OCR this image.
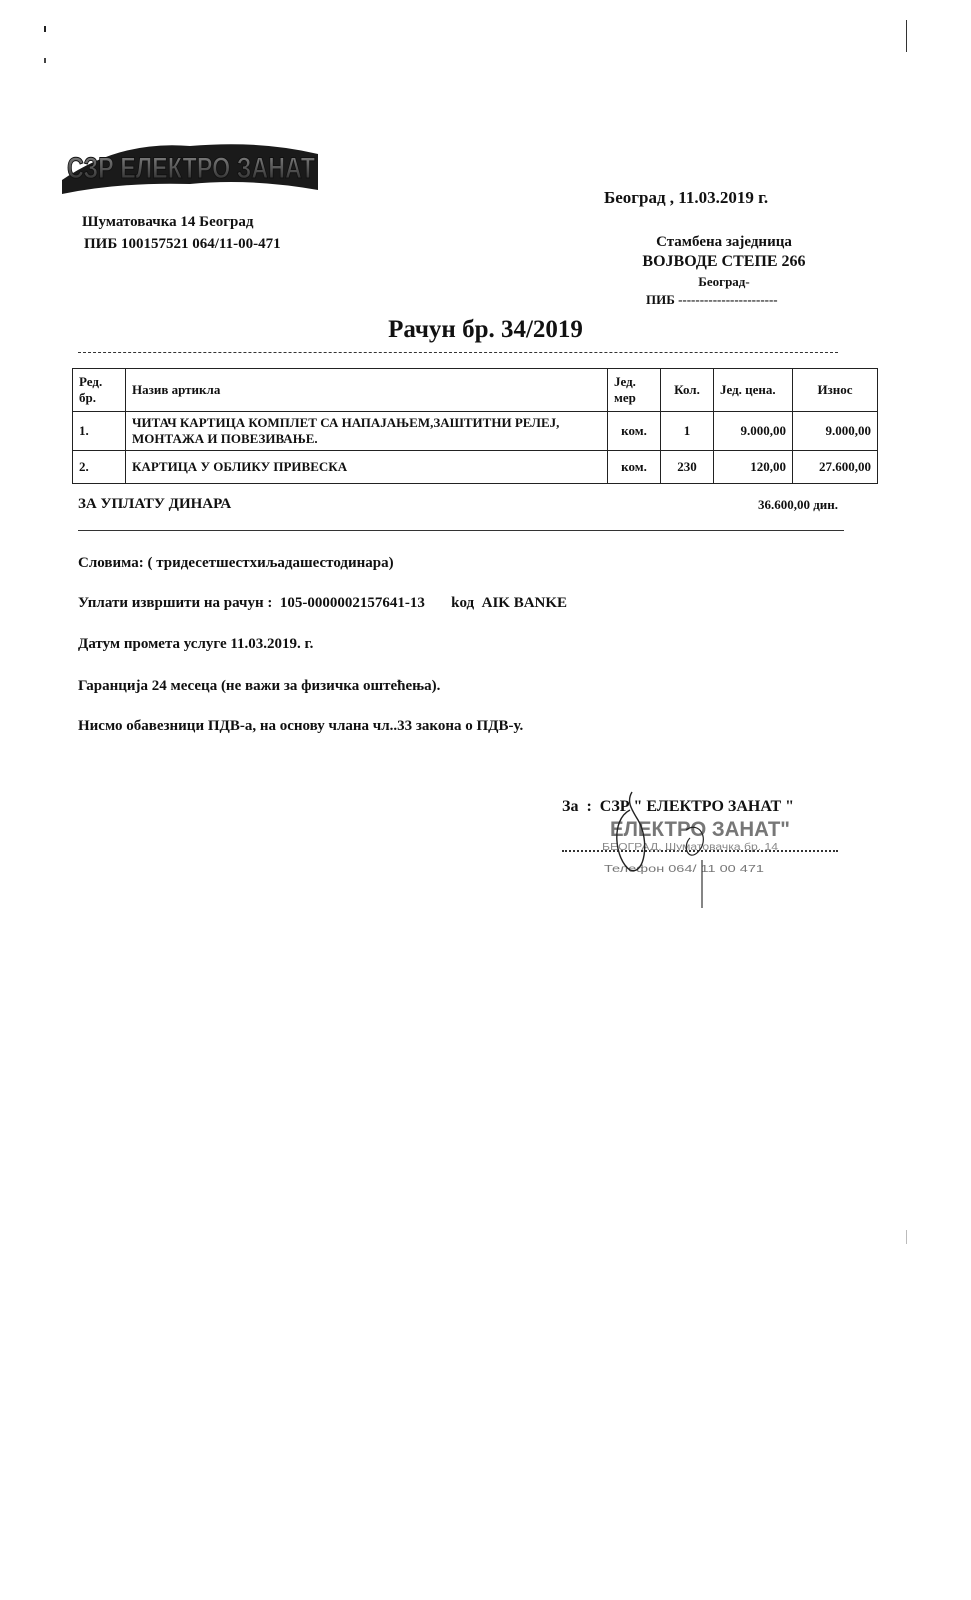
СЗР ЕЛЕКТРО ЗАНАТ
Шуматовачка 14 Београд
ПИБ 100157521 064/11-00-471
Београд , 11.03.2019 г.
Стамбена заједница
ВОЈВОДЕ СТЕПЕ 266
Београд-
ПИБ -----------------------
Рачун бр. 34/2019
Ред. бр.	Назив артикла	Јед. мер	Кол.	Јед. цена.	Износ
1.	ЧИТАЧ КАРТИЦА КОМПЛЕТ СА НАПАЈАЊЕМ,ЗАШТИТНИ РЕЛЕЈ, МОНТАЖА И ПОВЕЗИВАЊЕ.	ком.	1	9.000,00	9.000,00
2.	КАРТИЦА У ОБЛИКУ ПРИВЕСКА	ком.	230	120,00	27.600,00
ЗА УПЛАТУ ДИНАРА	36.600,00 дин.
Словима: ( тридесетшестхиљадашестодинара)
Уплати извршити на рачун :  105-0000002157641-13       kод  AIK BANKE
Датум промета услуге 11.03.2019. г.
Гаранција 24 месеца (не важи за физичка оштећења).
Нисмо обавезници ПДВ-а, на основу члана чл..33 закона о ПДВ-у.
За  :  СЗР " ЕЛЕКТРО ЗАНАТ "
ЕЛЕКТРО ЗАНАТ"
БЕОГРАД, Шуматовачка бр. 14
Телефон 064/ 11 00 471
